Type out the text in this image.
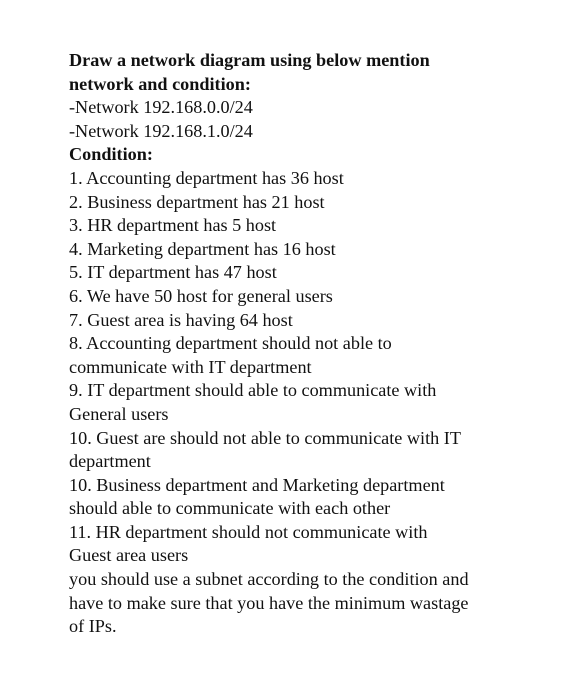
Draw a network diagram using below mention
network and condition:
-Network 192.168.0.0/24
-Network 192.168.1.0/24
Condition:
1. Accounting department has 36 host
2. Business department has 21 host
3. HR department has 5 host
4. Marketing department has 16 host
5. IT department has 47 host
6. We have 50 host for general users
7. Guest area is having 64 host
8. Accounting department should not able to
communicate with IT department
9. IT department should able to communicate with
General users
10. Guest are should not able to communicate with IT
department
10. Business department and Marketing department
should able to communicate with each other
11. HR department should not communicate with
Guest area users
you should use a subnet according to the condition and
have to make sure that you have the minimum wastage
of IPs.
